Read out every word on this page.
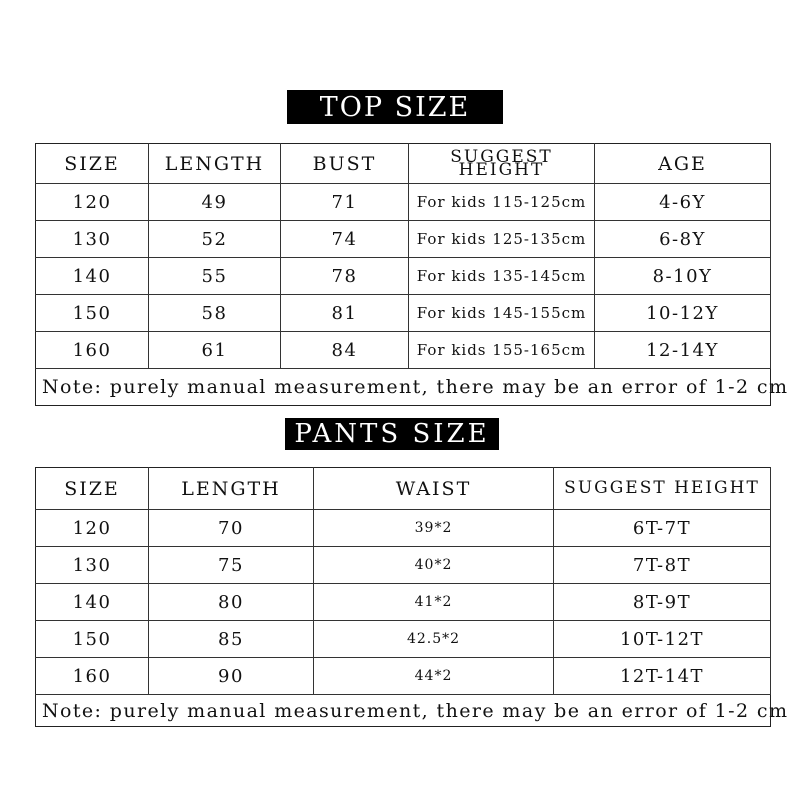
TOP SIZE
SIZE	LENGTH	BUST	SUGGEST HEIGHT	AGE
120	49	71	For kids 115-125cm	4-6Y
130	52	74	For kids 125-135cm	6-8Y
140	55	78	For kids 135-145cm	8-10Y
150	58	81	For kids 145-155cm	10-12Y
160	61	84	For kids 155-165cm	12-14Y
Note: purely manual measurement, there may be an error of 1-2 cm				
PANTS SIZE
SIZE	LENGTH	WAIST	SUGGEST HEIGHT
120	70	39*2	6T-7T
130	75	40*2	7T-8T
140	80	41*2	8T-9T
150	85	42.5*2	10T-12T
160	90	44*2	12T-14T
Note: purely manual measurement, there may be an error of 1-2 cm			
